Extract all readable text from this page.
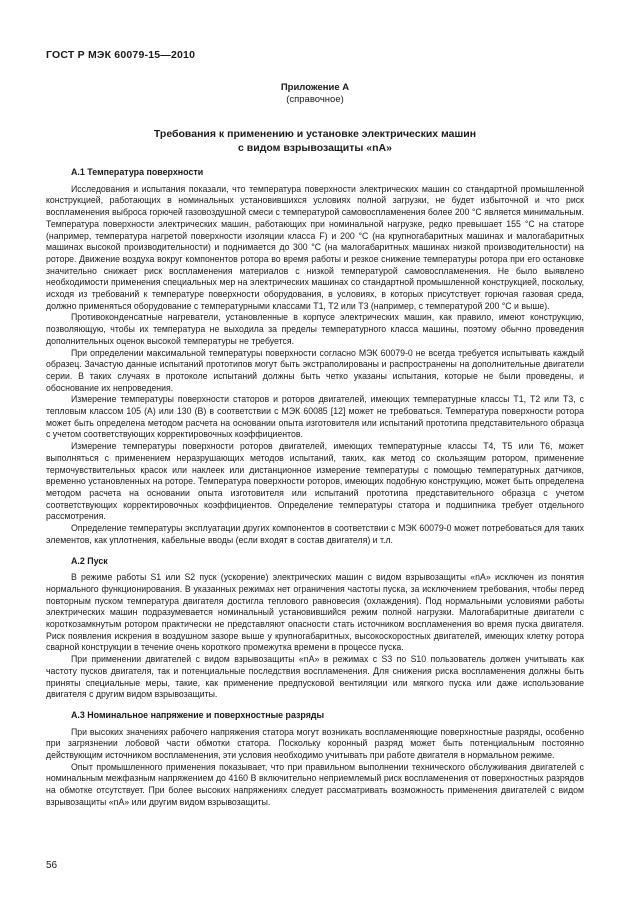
ГОСТ Р МЭК 60079-15—2010
Приложение А
(справочное)
Требования к применению и установке электрических машин
с видом взрывозащиты «nA»
А.1 Температура поверхности

Исследования и испытания показали, что температура поверхности электрических машин со стандартной промышленной конструкцией, работающих в номинальных установившихся условиях полной загрузки, не будет избыточной и что риск воспламенения выброса горючей газовоздушной смеси с температурой самовоспламенения более 200 °C является минимальным. Температура поверхности электрических машин, работающих при номинальной нагрузке, редко превышает 155 °C на статоре (например, температура нагретой поверхности изоляции класса F) и 200 °C (на крупногабаритных машинах и малогабаритных машинах высокой производительности) и поднимается до 300 °C (на малогабаритных машинах низкой производительности) на роторе. Движение воздуха вокруг компонентов ротора во время работы и резкое снижение температуры ротора при его остановке значительно снижает риск воспламенения материалов с низкой температурой самовоспламенения. Не было выявлено необходимости применения специальных мер на электрических машинах со стандартной промышленной конструкцией, поскольку, исходя из требований к температуре поверхности оборудования, в условиях, в которых присутствует горючая газовая среда, должно применяться оборудование с температурными классами Т1, Т2 или Т3 (например, с температурой 200 °C и выше).

Противоконденсатные нагреватели, установленные в корпусе электрических машин, как правило, имеют конструкцию, позволяющую, чтобы их температура не выходила за пределы температурного класса машины, поэтому обычно проведения дополнительных оценок высокой температуры не требуется.

При определении максимальной температуры поверхности согласно МЭК 60079-0 не всегда требуется испытывать каждый образец. Зачастую данные испытаний прототипов могут быть экстраполированы и распространены на дополнительные двигатели серии. В таких случаях в протоколе испытаний должны быть четко указаны испытания, которые не были проведены, и обоснование их непроведения.

Измерение температуры поверхности статоров и роторов двигателей, имеющих температурные классы Т1, Т2 или Т3, с тепловым классом 105 (А) или 130 (В) в соответствии с МЭК 60085 [12] может не требоваться. Температура поверхности ротора может быть определена методом расчета на основании опыта изготовителя или испытаний прототипа представительного образца с учетом соответствующих корректировочных коэффициентов.

Измерение температуры поверхности роторов двигателей, имеющих температурные классы Т4, Т5 или Т6, может выполняться с применением неразрушающих методов испытаний, таких, как метод со скользящим ротором, применение термочувствительных красок или наклеек или дистанционное измерение температуры с помощью температурных датчиков, временно установленных на роторе. Температура поверхности роторов, имеющих подобную конструкцию, может быть определена методом расчета на основании опыта изготовителя или испытаний прототипа представительного образца с учетом соответствующих корректировочных коэффициентов. Определение температуры статора и подшипника требует отдельного рассмотрения.

Определение температуры эксплуатации других компонентов в соответствии с МЭК 60079-0 может потребоваться для таких элементов, как уплотнения, кабельные вводы (если входят в состав двигателя) и т.л.

А.2 Пуск

В режиме работы S1 или S2 пуск (ускорение) электрических машин с видом взрывозащиты «nA» исключен из понятия нормального функционирования. В указанных режимах нет ограничения частоты пуска, за исключением требования, чтобы перед повторным пуском температура двигателя достигла теплового равновесия (охлаждения). Под нормальными условиями работы электрических машин подразумевается номинальный установившийся режим полной нагрузки. Малогабаритные двигатели с короткозамкнутым ротором практически не представляют опасности стать источником воспламенения во время пуска двигателя. Риск появления искрения в воздушном зазоре выше у крупногабаритных, высокоскоростных двигателей, имеющих клетку ротора сварной конструкции в течение очень короткого промежутка времени в процессе пуска.

При применении двигателей с видом взрывозащиты «nA» в режимах с S3 по S10 пользователь должен учитывать как частоту пусков двигателя, так и потенциальные последствия воспламенения. Для снижения риска воспламенения должны быть приняты специальные меры, такие, как применение предпусковой вентиляции или мягкого пуска или даже использование двигателя с другим видом взрывозащиты.

А.3 Номинальное напряжение и поверхностные разряды

При высоких значениях рабочего напряжения статора могут возникать воспламеняющие поверхностные разряды, особенно при загрязнении лобовой части обмотки статора. Поскольку коронный разряд может быть потенциальным постоянно действующим источником воспламенения, эти условия необходимо учитывать при работе двигателя в нормальном режиме.

Опыт промышленного применения показывает, что при правильном выполнении технического обслуживания двигателей с номинальным межфазным напряжением до 4160 В включительно неприемлемый риск воспламенения от поверхностных разрядов на обмотке отсутствует. При более высоких напряжениях следует рассматривать возможность применения двигателей с видом взрывозащиты «nA» или другим видом взрывозащиты.

56
